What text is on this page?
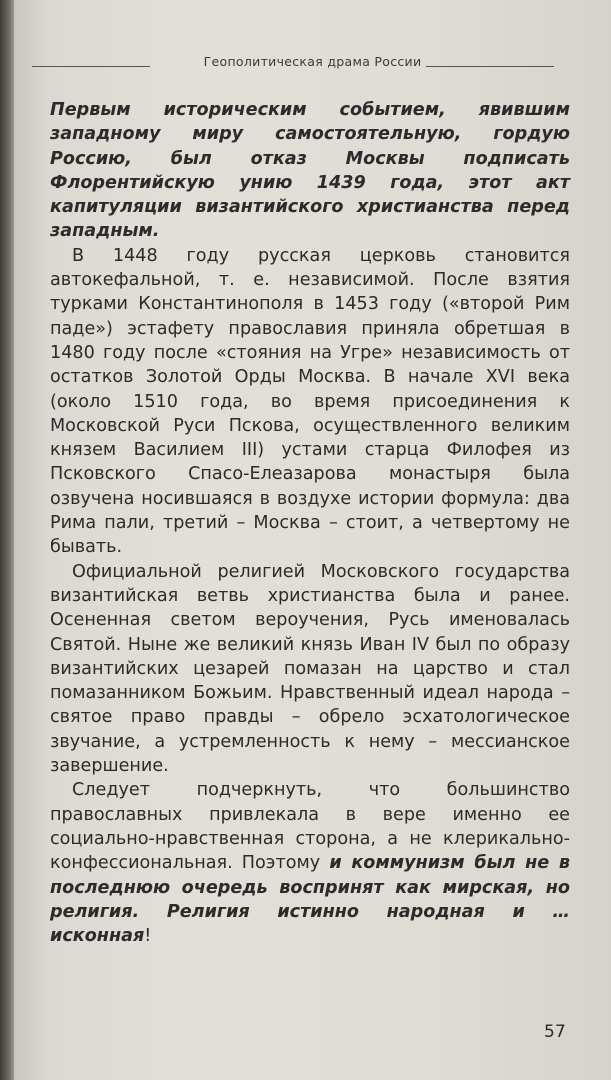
Геополитическая драма России

Первым историческим событием, явившим западному миру самостоятельную, гордую Россию, был отказ Москвы подписать Флорентийскую унию 1439 года, этот акт капитуляции византийского христианства перед западным.

В 1448 году русская церковь становится автокефальной, т. е. независимой. После взятия турками Константинополя в 1453 году («второй Рим паде») эстафету православия приняла обретшая в 1480 году после «стояния на Угре» независимость от остатков Золотой Орды Москва. В начале XVI века (около 1510 года, во время присоединения к Московской Руси Пскова, осуществленного великим князем Василием III) устами старца Филофея из Псковского Спасо-Елеазарова монастыря была озвучена носившаяся в воздухе истории формула: два Рима пали, третий – Москва – стоит, а четвертому не бывать.

Официальной религией Московского государства византийская ветвь христианства была и ранее. Осененная светом вероучения, Русь именовалась Святой. Ныне же великий князь Иван IV был по образу византийских цезарей помазан на царство и стал помазанником Божьим. Нравственный идеал народа – святое право правды – обрело эсхатологическое звучание, а устремленность к нему – мессианское завершение.

Следует подчеркнуть, что большинство православных привлекала в вере именно ее социально-нравственная сторона, а не клерикально-конфессиональная. Поэтому и коммунизм был не в последнюю очередь воспринят как мирская, но религия. Религия истинно народная и … исконная!

57
